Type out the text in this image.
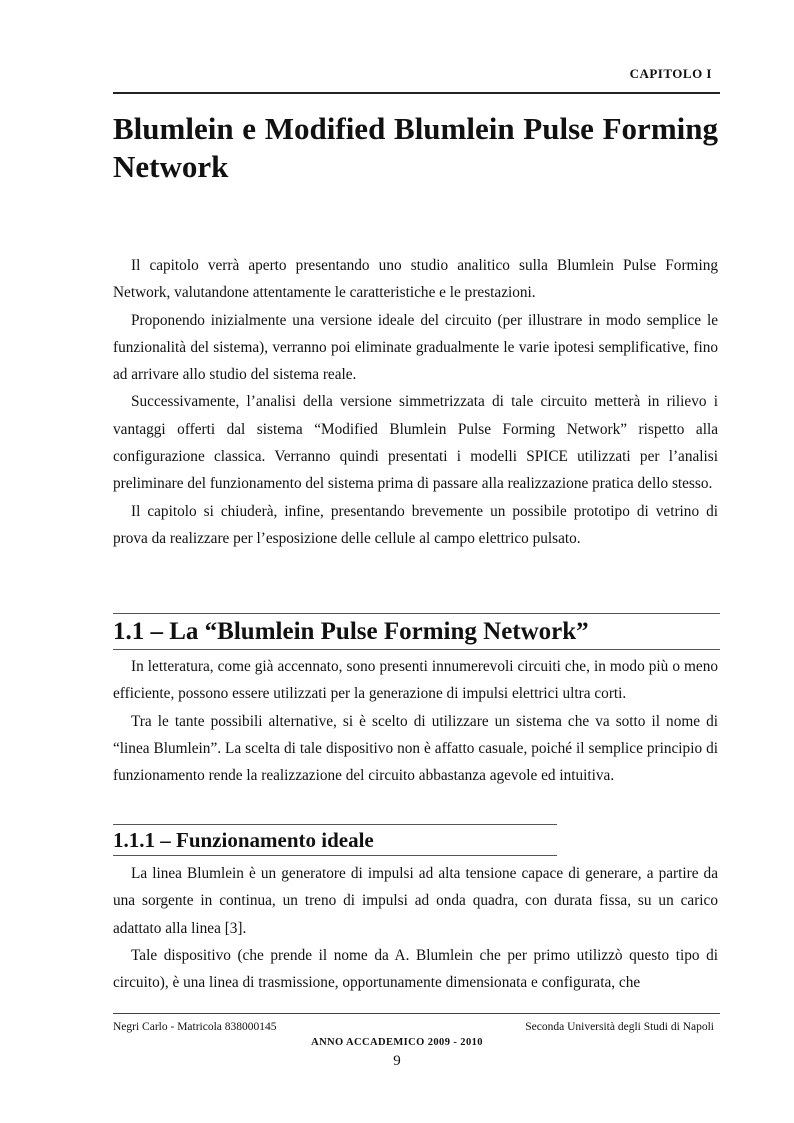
CAPITOLO I
Blumlein e Modified Blumlein Pulse Forming Network

Il capitolo verrà aperto presentando uno studio analitico sulla Blumlein Pulse Forming Network, valutandone attentamente le caratteristiche e le prestazioni.

Proponendo inizialmente una versione ideale del circuito (per illustrare in modo semplice le funzionalità del sistema), verranno poi eliminate gradualmente le varie ipotesi semplificative, fino ad arrivare allo studio del sistema reale.

Successivamente, l’analisi della versione simmetrizzata di tale circuito metterà in rilievo i vantaggi offerti dal sistema “Modified Blumlein Pulse Forming Network” rispetto alla configurazione classica. Verranno quindi presentati i modelli SPICE utilizzati per l’analisi preliminare del funzionamento del sistema prima di passare alla realizzazione pratica dello stesso.

Il capitolo si chiuderà, infine, presentando brevemente un possibile prototipo di vetrino di prova da realizzare per l’esposizione delle cellule al campo elettrico pulsato.

1.1 – La “Blumlein Pulse Forming Network”

In letteratura, come già accennato, sono presenti innumerevoli circuiti che, in modo più o meno efficiente, possono essere utilizzati per la generazione di impulsi elettrici ultra corti.

Tra le tante possibili alternative, si è scelto di utilizzare un sistema che va sotto il nome di “linea Blumlein”. La scelta di tale dispositivo non è affatto casuale, poiché il semplice principio di funzionamento rende la realizzazione del circuito abbastanza agevole ed intuitiva.

1.1.1 – Funzionamento ideale

La linea Blumlein è un generatore di impulsi ad alta tensione capace di generare, a partire da una sorgente in continua, un treno di impulsi ad onda quadra, con durata fissa, su un carico adattato alla linea [3].

Tale dispositivo (che prende il nome da A. Blumlein che per primo utilizzò questo tipo di circuito), è una linea di trasmissione, opportunamente dimensionata e configurata, che

Negri Carlo - Matricola 838000145	Seconda Università degli Studi di Napoli
ANNO ACCADEMICO 2009 - 2010
9
